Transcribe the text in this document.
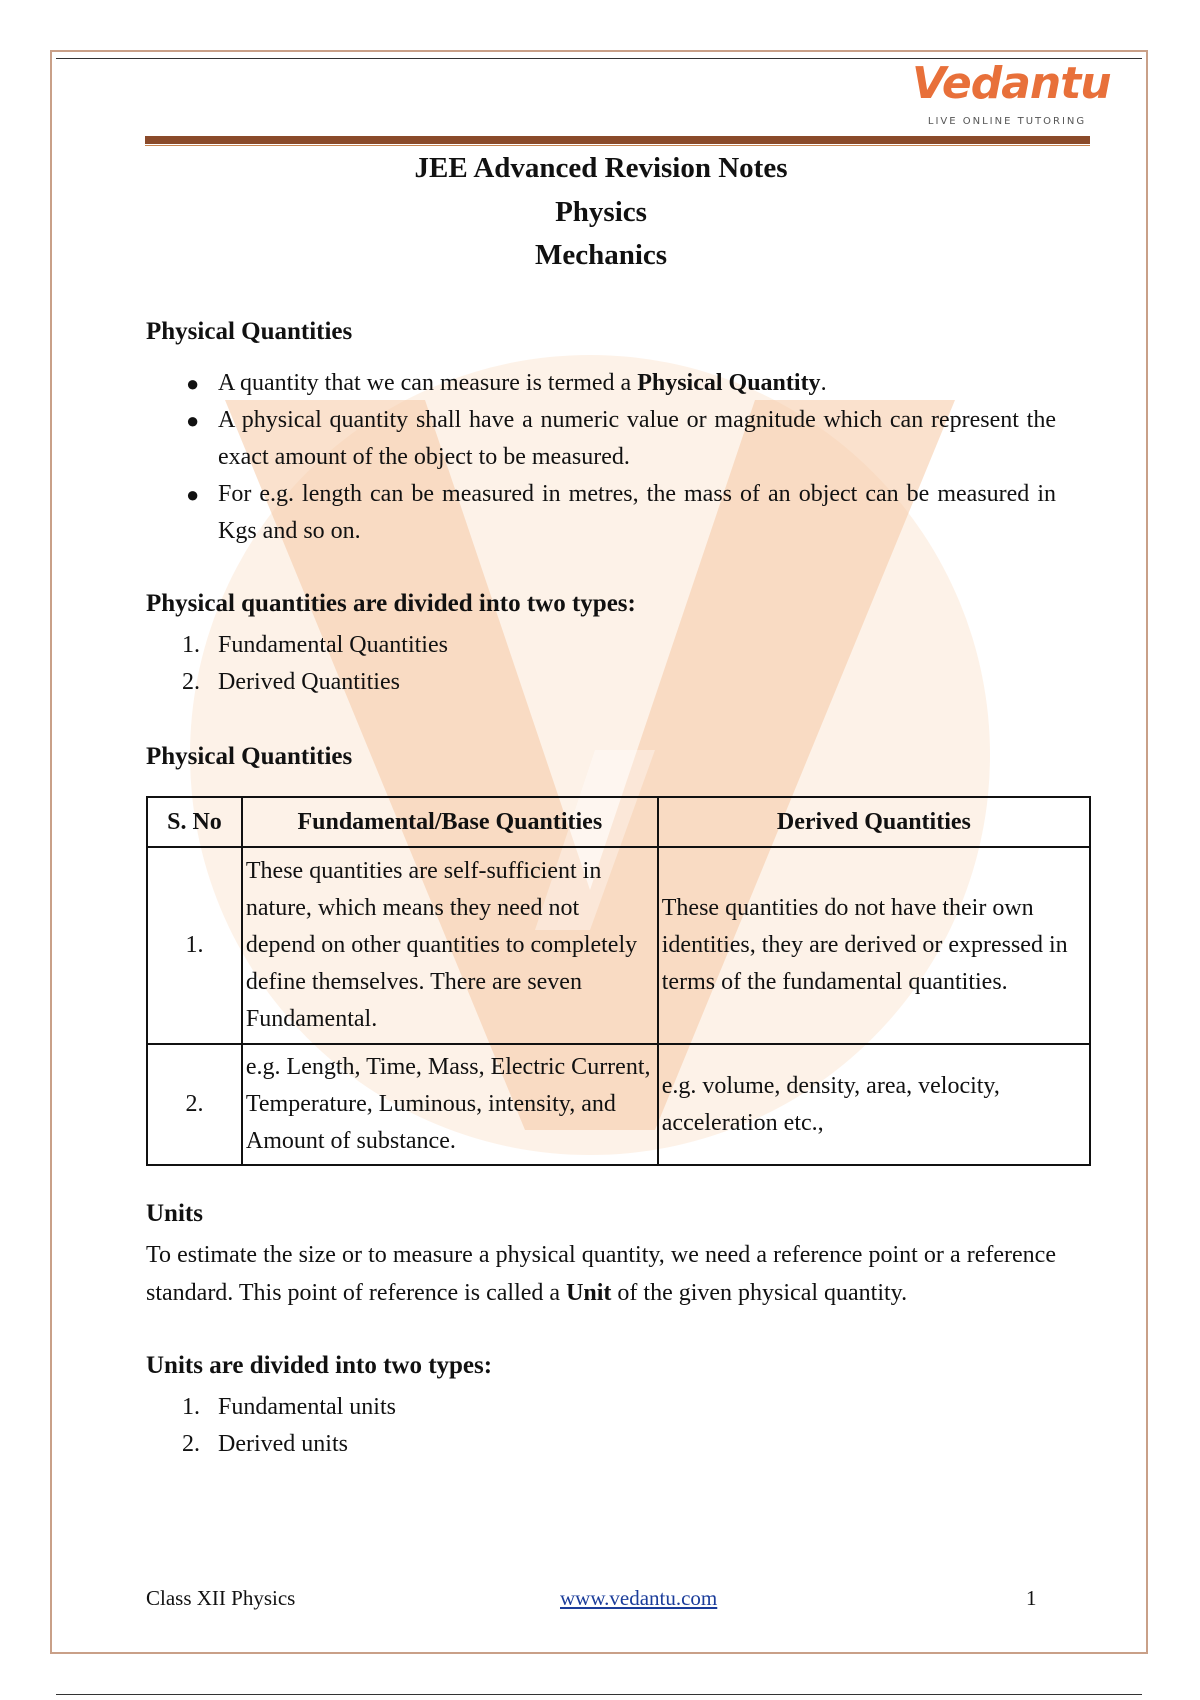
Vedantu
LIVE ONLINE TUTORING
JEE Advanced Revision Notes
Physics
Mechanics
Physical Quantities
● A quantity that we can measure is termed a Physical Quantity.
● A physical quantity shall have a numeric value or magnitude which can represent the exact amount of the object to be measured.
● For e.g. length can be measured in metres, the mass of an object can be measured in Kgs and so on.
Physical quantities are divided into two types:
1. Fundamental Quantities
2. Derived Quantities
Physical Quantities
S. No	Fundamental/Base Quantities	Derived Quantities
1.	These quantities are self-sufficient in nature, which means they need not depend on other quantities to completely define themselves. There are seven Fundamental.	These quantities do not have their own identities, they are derived or expressed in terms of the fundamental quantities.
2.	e.g. Length, Time, Mass, Electric Current, Temperature, Luminous, intensity, and Amount of substance.	e.g. volume, density, area, velocity, acceleration etc.,
Units

To estimate the size or to measure a physical quantity, we need a reference point or a reference standard. This point of reference is called a Unit of the given physical quantity.

Units are divided into two types:
1. Fundamental units
2. Derived units
Class XII Physics	www.vedantu.com	1
